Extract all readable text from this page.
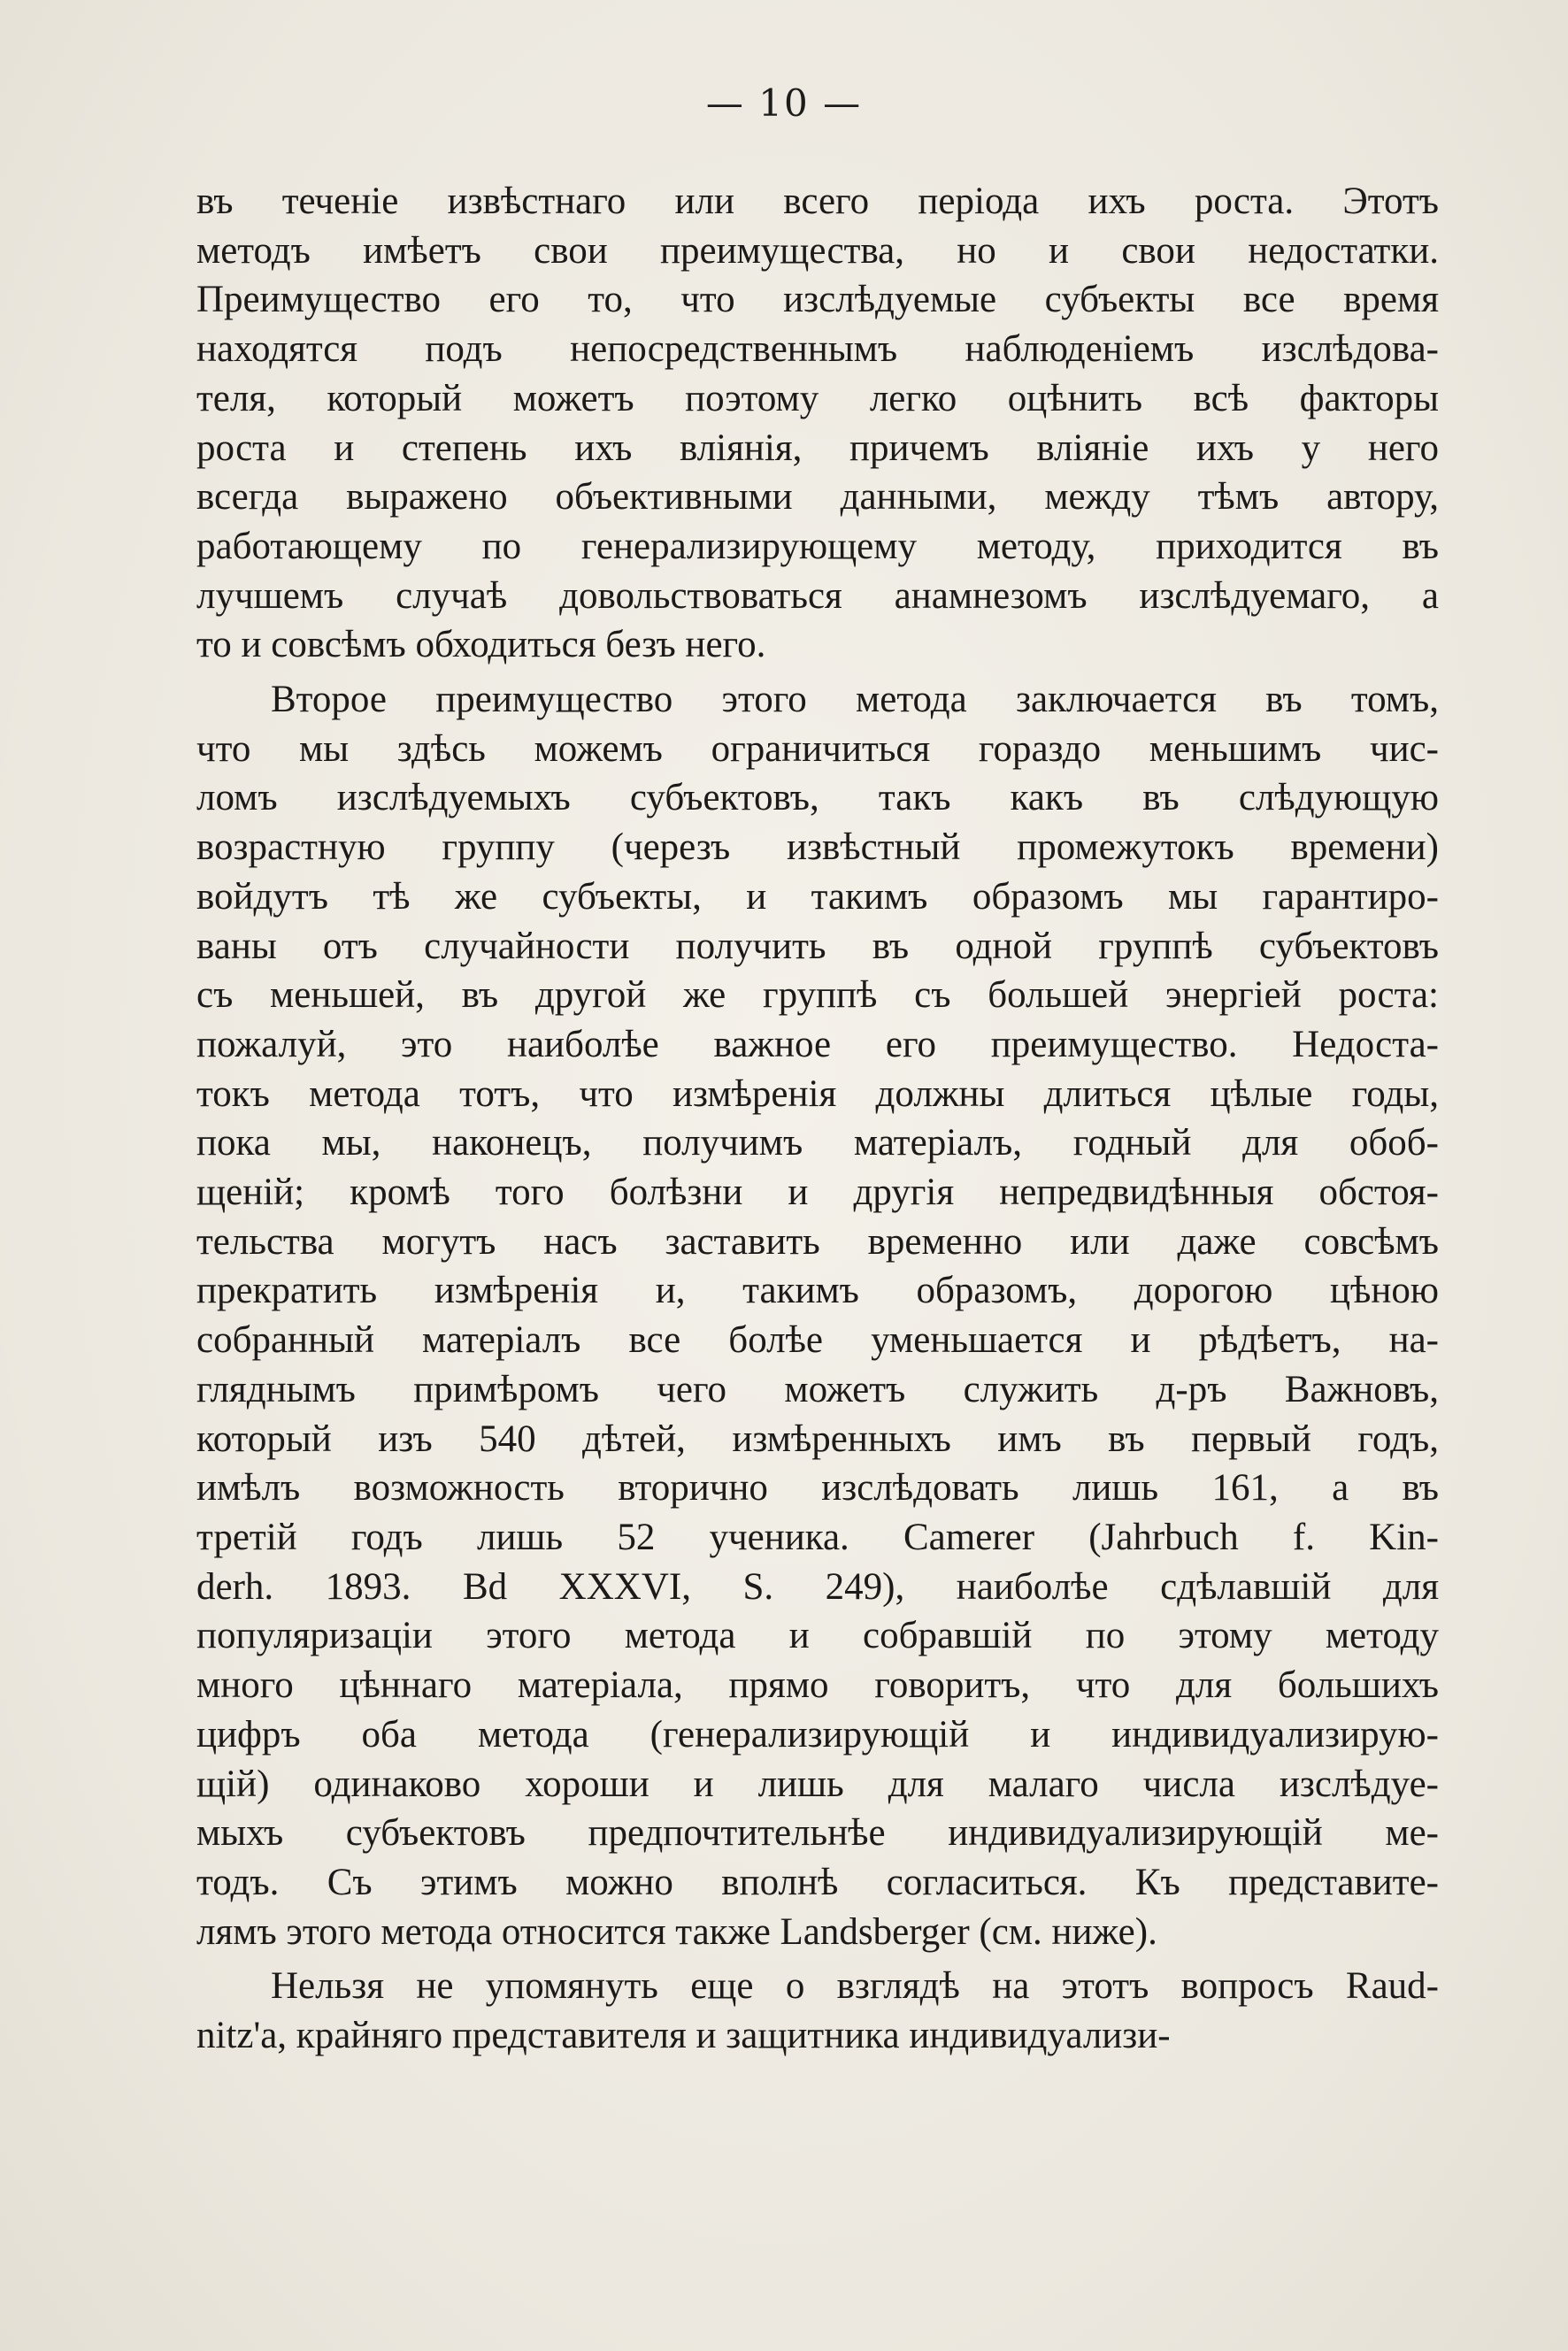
— 10 —
въ теченіе извѣстнаго или всего періода ихъ роста. Этотъ
методъ имѣетъ свои преимущества, но и свои недостатки.
Преимущество его то, что изслѣдуемые субъекты все время
находятся подъ непосредственнымъ наблюденіемъ изслѣдова-
теля, который можетъ поэтому легко оцѣнить всѣ факторы
роста и степень ихъ вліянія, причемъ вліяніе ихъ у него
всегда выражено объективными данными, между тѣмъ автору,
работающему по генерализирующему методу, приходится въ
лучшемъ случаѣ довольствоваться анамнезомъ изслѣдуемаго, а
то и совсѣмъ обходиться безъ него.
Второе преимущество этого метода заключается въ томъ,
что мы здѣсь можемъ ограничиться гораздо меньшимъ чис-
ломъ изслѣдуемыхъ субъектовъ, такъ какъ въ слѣдующую
возрастную группу (черезъ извѣстный промежутокъ времени)
войдутъ тѣ же субъекты, и такимъ образомъ мы гарантиро-
ваны отъ случайности получить въ одной группѣ субъектовъ
съ меньшей, въ другой же группѣ съ большей энергіей роста:
пожалуй, это наиболѣе важное его преимущество. Недоста-
токъ метода тотъ, что измѣренія должны длиться цѣлые годы,
пока мы, наконецъ, получимъ матеріалъ, годный для обоб-
щеній; кромѣ того болѣзни и другія непредвидѣнныя обстоя-
тельства могутъ насъ заставить временно или даже совсѣмъ
прекратить измѣренія и, такимъ образомъ, дорогою цѣною
собранный матеріалъ все болѣе уменьшается и рѣдѣетъ, на-
гляднымъ примѣромъ чего можетъ служить д-ръ Важновъ,
который изъ 540 дѣтей, измѣренныхъ имъ въ первый годъ,
имѣлъ возможность вторично изслѣдовать лишь 161, а въ
третій годъ лишь 52 ученика. Camerer (Jahrbuch f. Kin-
derh. 1893. Bd XXXVI, S. 249), наиболѣе сдѣлавшій для
популяризаціи этого метода и собравшій по этому методу
много цѣннаго матеріала, прямо говоритъ, что для большихъ
цифръ оба метода (генерализирующій и индивидуализирую-
щій) одинаково хороши и лишь для малаго числа изслѣдуе-
мыхъ субъектовъ предпочтительнѣе индивидуализирующій ме-
тодъ. Съ этимъ можно вполнѣ согласиться. Къ представите-
лямъ этого метода относится также Landsberger (см. ниже).
Нельзя не упомянуть еще о взглядѣ на этотъ вопросъ Raud-
nitz'а, крайняго представителя и защитника индивидуализи-
